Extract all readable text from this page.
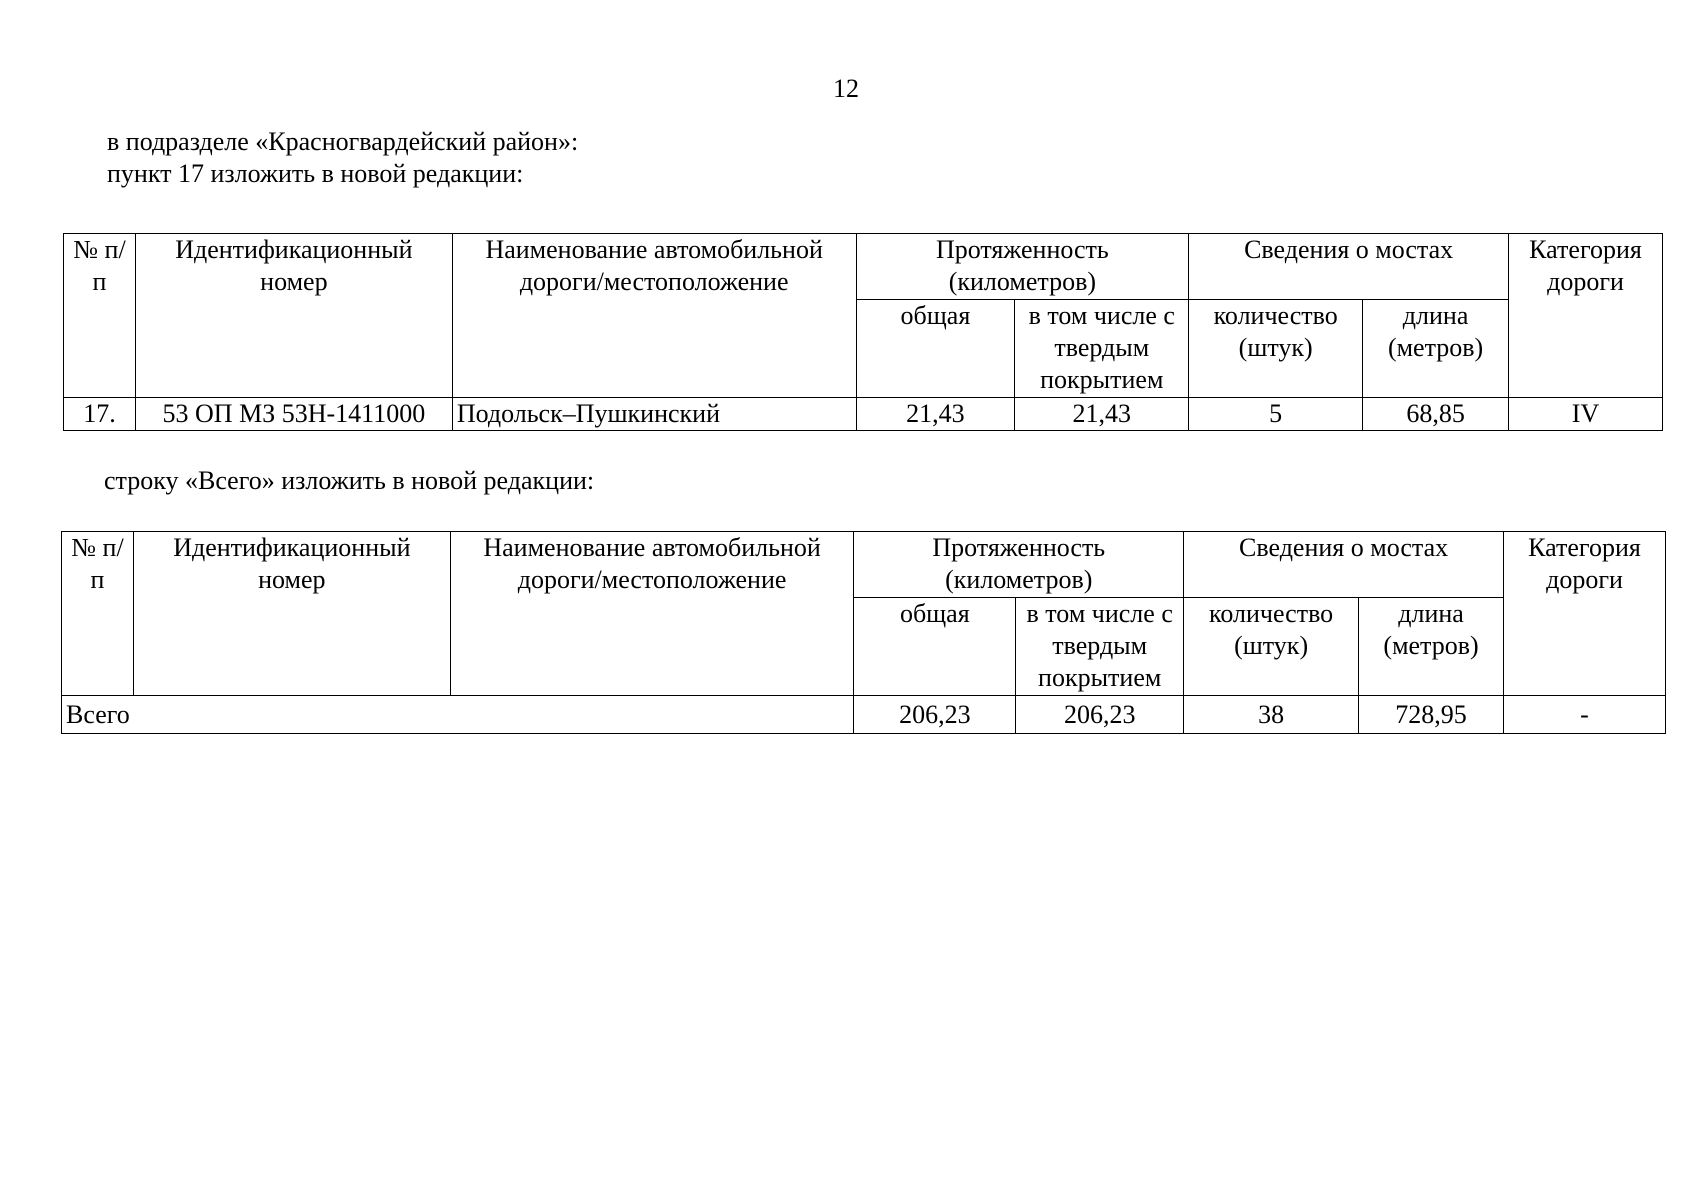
12
в подразделе «Красногвардейский район»:
пункт 17 изложить в новой редакции:
№ п/п	Идентификационный номер	Наименование автомобильной дороги/местоположение	Протяженность (километров)		Сведения о мостах		Категория дороги
			общая	в том числе с твердым покрытием	количество (штук)	длина (метров)	
17.	53 ОП МЗ 53Н-1411000	Подольск–Пушкинский	21,43	21,43	5	68,85	IV
строку «Всего» изложить в новой редакции:
№ п/п	Идентификационный номер	Наименование автомобильной дороги/местоположение	Протяженность (километров)		Сведения о мостах		Категория дороги
			общая	в том числе с твердым покрытием	количество (штук)	длина (метров)	
Всего			206,23	206,23	38	728,95	-
